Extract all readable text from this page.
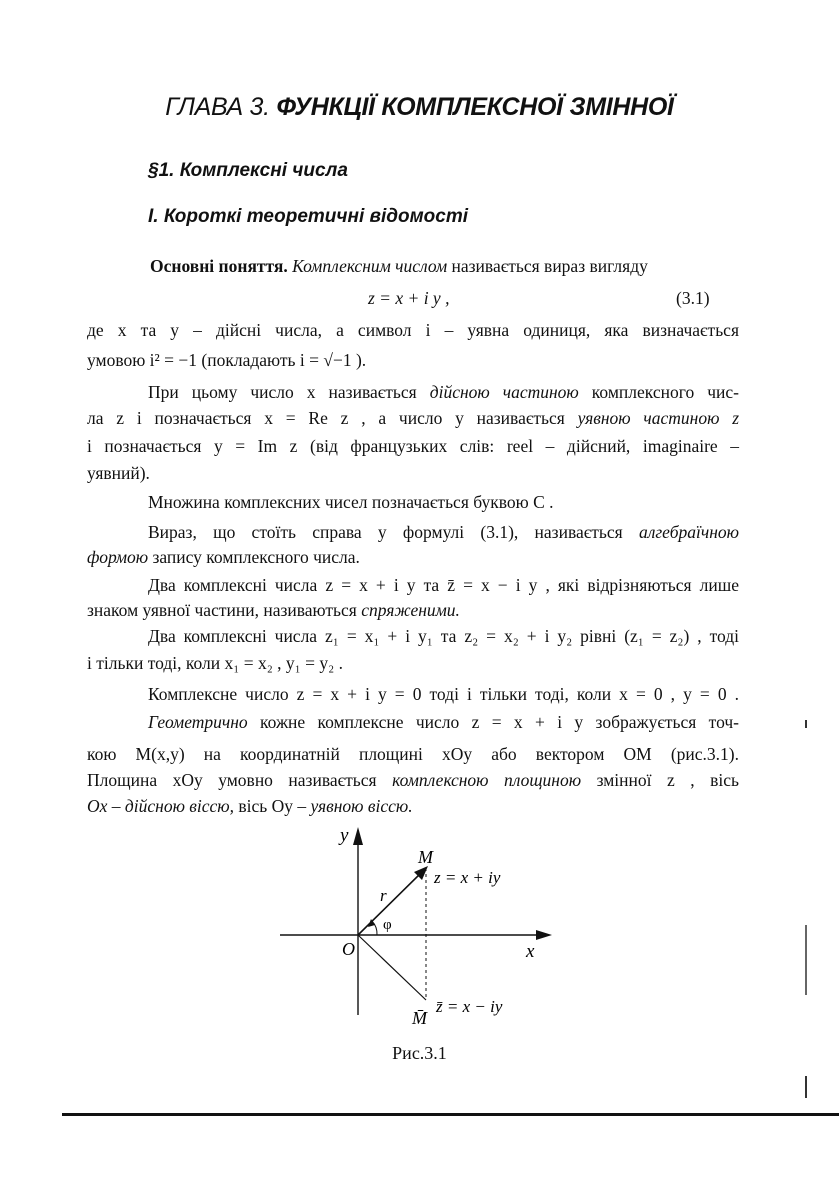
ГЛАВА 3. ФУНКЦІЇ КОМПЛЕКСНОЇ ЗМІННОЇ
§1. Комплексні числа
І. Короткі теоретичні відомості
Основні поняття. Комплексним числом називається вираз вигляду
z = x + i y ,	(3.1)
де x та y – дійсні числа, а символ i – уявна одиниця, яка визначається
умовою i² = −1 (покладають i = √−1 ).
При цьому число x називається дійсною частиною комплексного чис-
ла z і позначається x = Re z , а число y називається уявною частиною z
і позначається y = Im z (від французьких слів: reel – дійсний, imaginaire –
уявний).
Множина комплексних чисел позначається буквою C .
Вираз, що стоїть справа у формулі (3.1), називається алгебраїчною
формою запису комплексного числа.
Два комплексні числа z = x + i y та z̄ = x − i y , які відрізняються лише
знаком уявної частини, називаються спряженими.
Два комплексні числа z₁ = x₁ + i y₁ та z₂ = x₂ + i y₂ рівні (z₁ = z₂) , тоді
і тільки тоді, коли x₁ = x₂ , y₁ = y₂ .
Комплексне число z = x + i y = 0 тоді і тільки тоді, коли x = 0 , y = 0 .
Геометрично кожне комплексне число z = x + i y зображується точ-
кою M(x,y) на координатній площині xOy або вектором OM (рис.3.1).
Площина xOy умовно називається комплексною площиною змінної z , вісь
Ox – дійсною віссю, вісь Oy – уявною віссю.
y
x
O
M
M̄
r
φ
z = x + iy
z̄ = x − iy
Рис.3.1
